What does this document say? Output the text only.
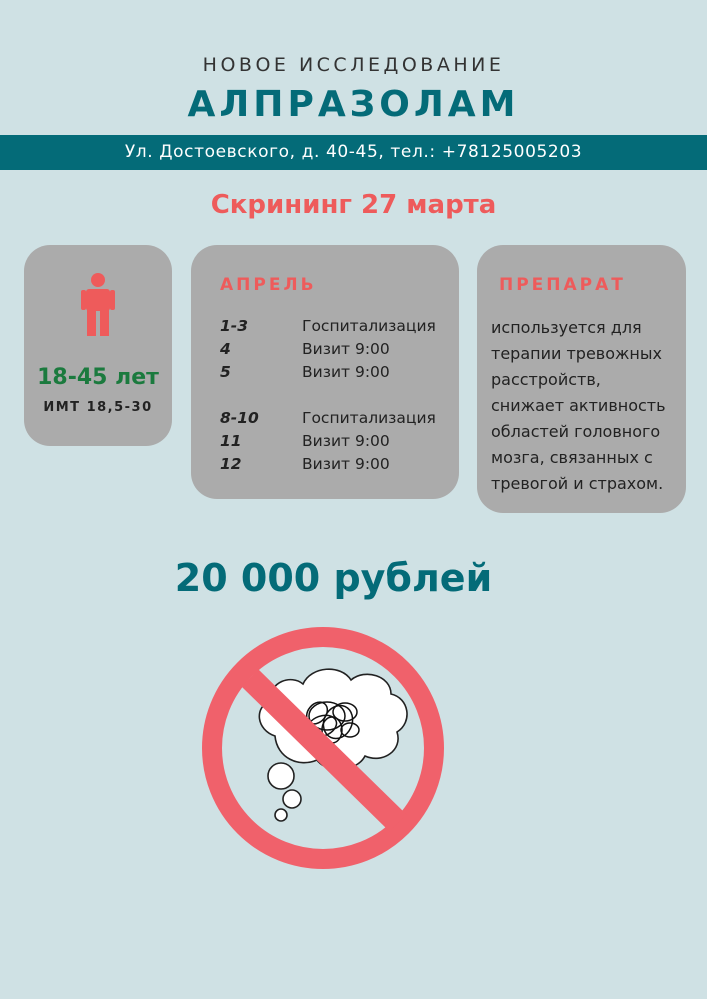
НОВОЕ ИССЛЕДОВАНИЕ
АЛПРАЗОЛАМ
Ул. Достоевского, д. 40-45, тел.: +78125005203
Скрининг 27 марта
18-45 лет
ИМТ 18,5-30
АПРЕЛЬ
1-3	Госпитализация
4	Визит 9:00
5	Визит 9:00
8-10	Госпитализация
11	Визит 9:00
12	Визит 9:00
ПРЕПАРАТ
используется для
терапии тревожных
расстройств,
снижает активность
областей головного
мозга, связанных с
тревогой и страхом.
20 000 рублей
